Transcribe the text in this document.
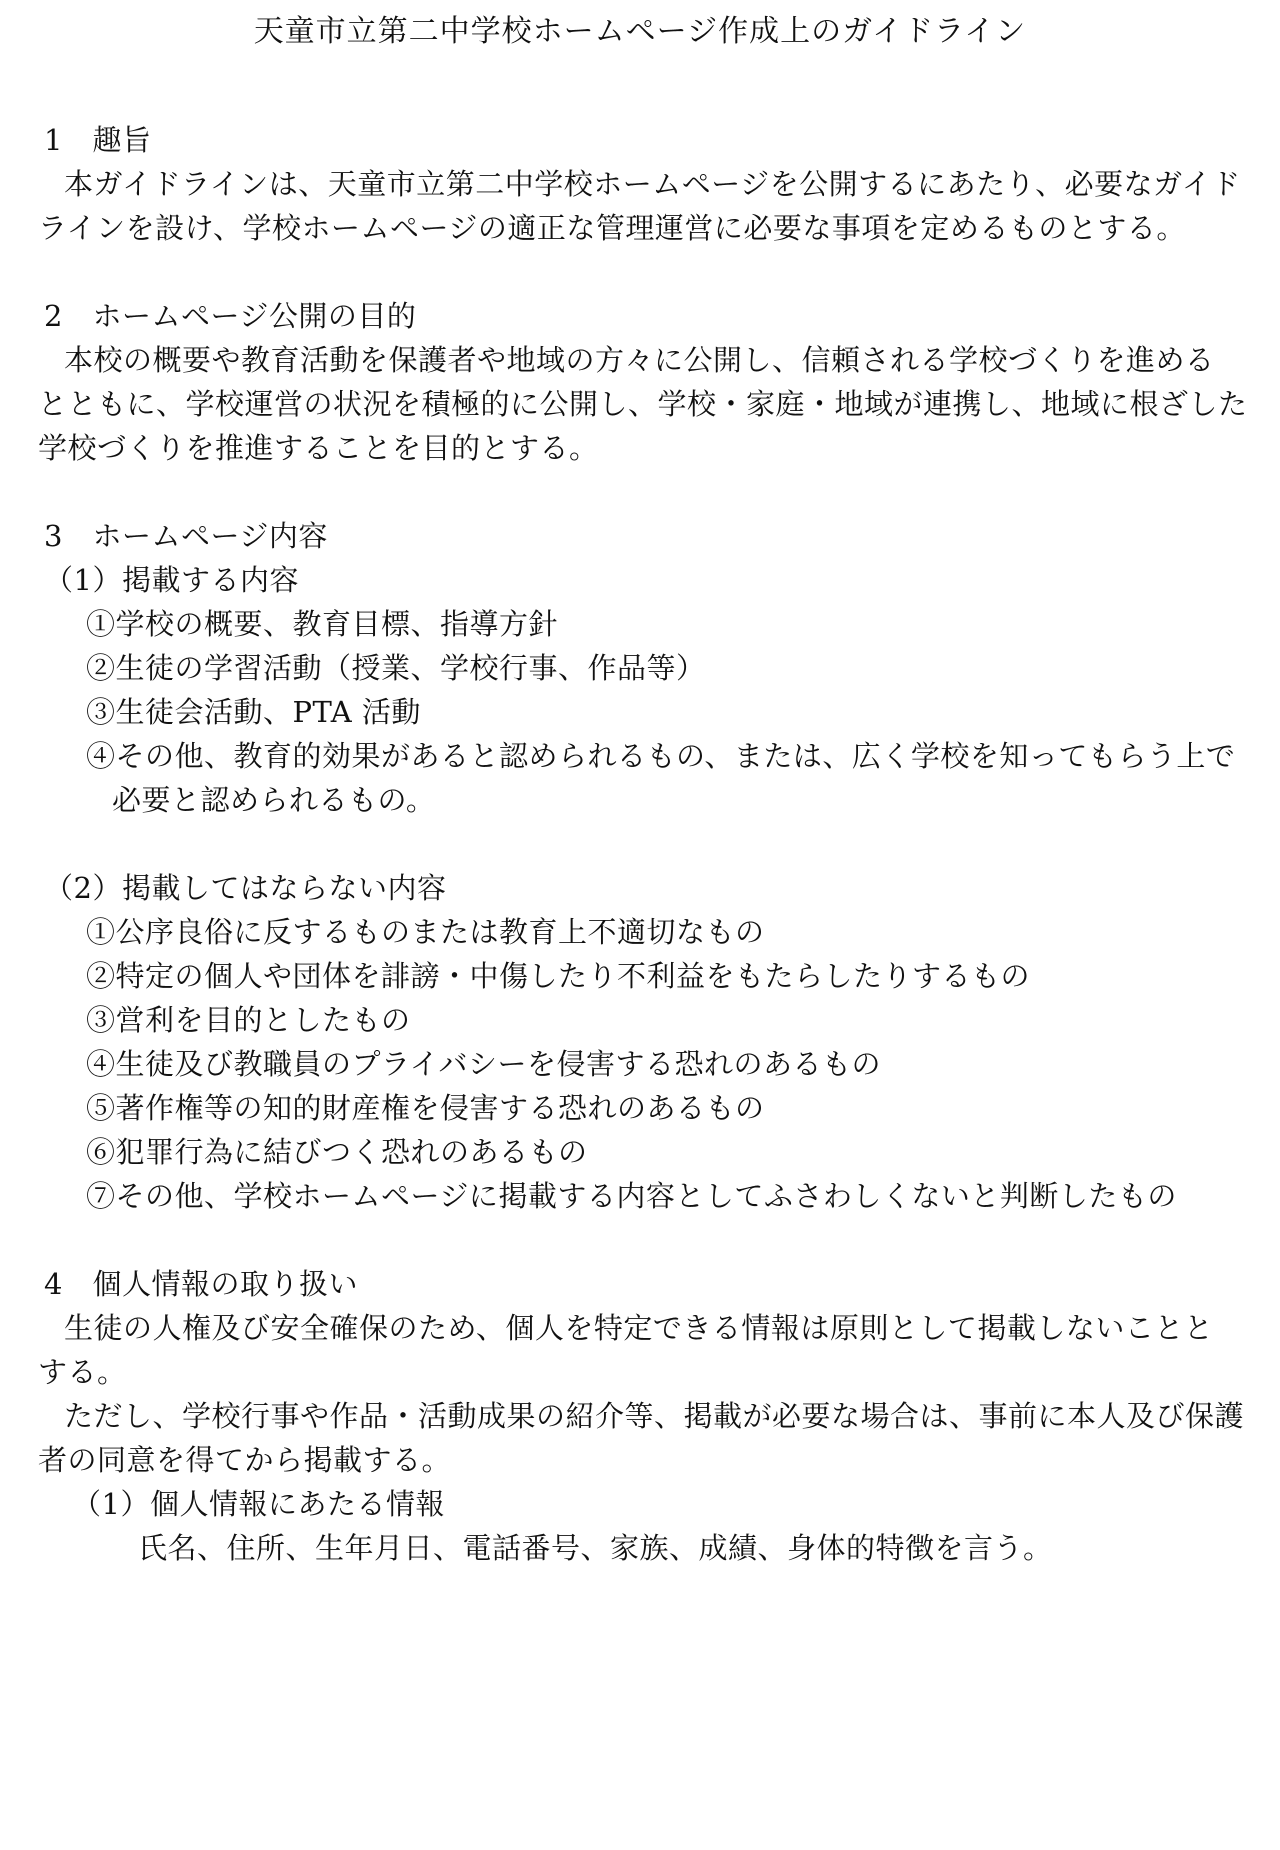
天童市立第二中学校ホームページ作成上のガイドライン
1　趣旨
本ガイドラインは、天童市立第二中学校ホームページを公開するにあたり、必要なガイド
ラインを設け、学校ホームページの適正な管理運営に必要な事項を定めるものとする。
2　ホームページ公開の目的
本校の概要や教育活動を保護者や地域の方々に公開し、信頼される学校づくりを進める
とともに、学校運営の状況を積極的に公開し、学校・家庭・地域が連携し、地域に根ざした
学校づくりを推進することを目的とする。
3　ホームページ内容
（1）掲載する内容
①学校の概要、教育目標、指導方針
②生徒の学習活動（授業、学校行事、作品等）
③生徒会活動、PTA 活動
④その他、教育的効果があると認められるもの、または、広く学校を知ってもらう上で
必要と認められるもの。
（2）掲載してはならない内容
①公序良俗に反するものまたは教育上不適切なもの
②特定の個人や団体を誹謗・中傷したり不利益をもたらしたりするもの
③営利を目的としたもの
④生徒及び教職員のプライバシーを侵害する恐れのあるもの
⑤著作権等の知的財産権を侵害する恐れのあるもの
⑥犯罪行為に結びつく恐れのあるもの
⑦その他、学校ホームページに掲載する内容としてふさわしくないと判断したもの
4　個人情報の取り扱い
生徒の人権及び安全確保のため、個人を特定できる情報は原則として掲載しないことと
する。
ただし、学校行事や作品・活動成果の紹介等、掲載が必要な場合は、事前に本人及び保護
者の同意を得てから掲載する。
（1）個人情報にあたる情報
氏名、住所、生年月日、電話番号、家族、成績、身体的特徴を言う。
